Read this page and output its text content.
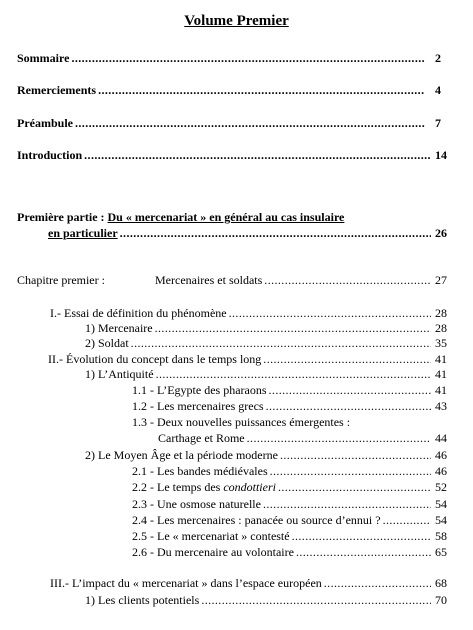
Volume Premier
Sommaire .....	2
Remerciements .....	4
Préambule .....	7
Introduction .....	14
Première partie : Du « mercenariat » en général au cas insulaire
en particulier .....	26
Chapitre premier :	Mercenaires et soldats .....	27
I.- Essai de définition du phénomène .....	28
1) Mercenaire .....	28
2) Soldat .....	35
II.- Évolution du concept dans le temps long .....	41
1) L’Antiquité .....	41
1.1 - L’Egypte des pharaons .....	41
1.2 - Les mercenaires grecs .....	43
1.3 - Deux nouvelles puissances émergentes :
Carthage et Rome .....	44
2) Le Moyen Âge et la période moderne .....	46
2.1 - Les bandes médiévales .....	46
2.2 - Le temps des condottieri .....	52
2.3 - Une osmose naturelle .....	54
2.4 - Les mercenaires : panacée ou source d’ennui ? .....	54
2.5 - Le « mercenariat » contesté .....	58
2.6 - Du mercenaire au volontaire .....	65
III.- L’impact du « mercenariat » dans l’espace européen .....	68
1) Les clients potentiels .....	70
